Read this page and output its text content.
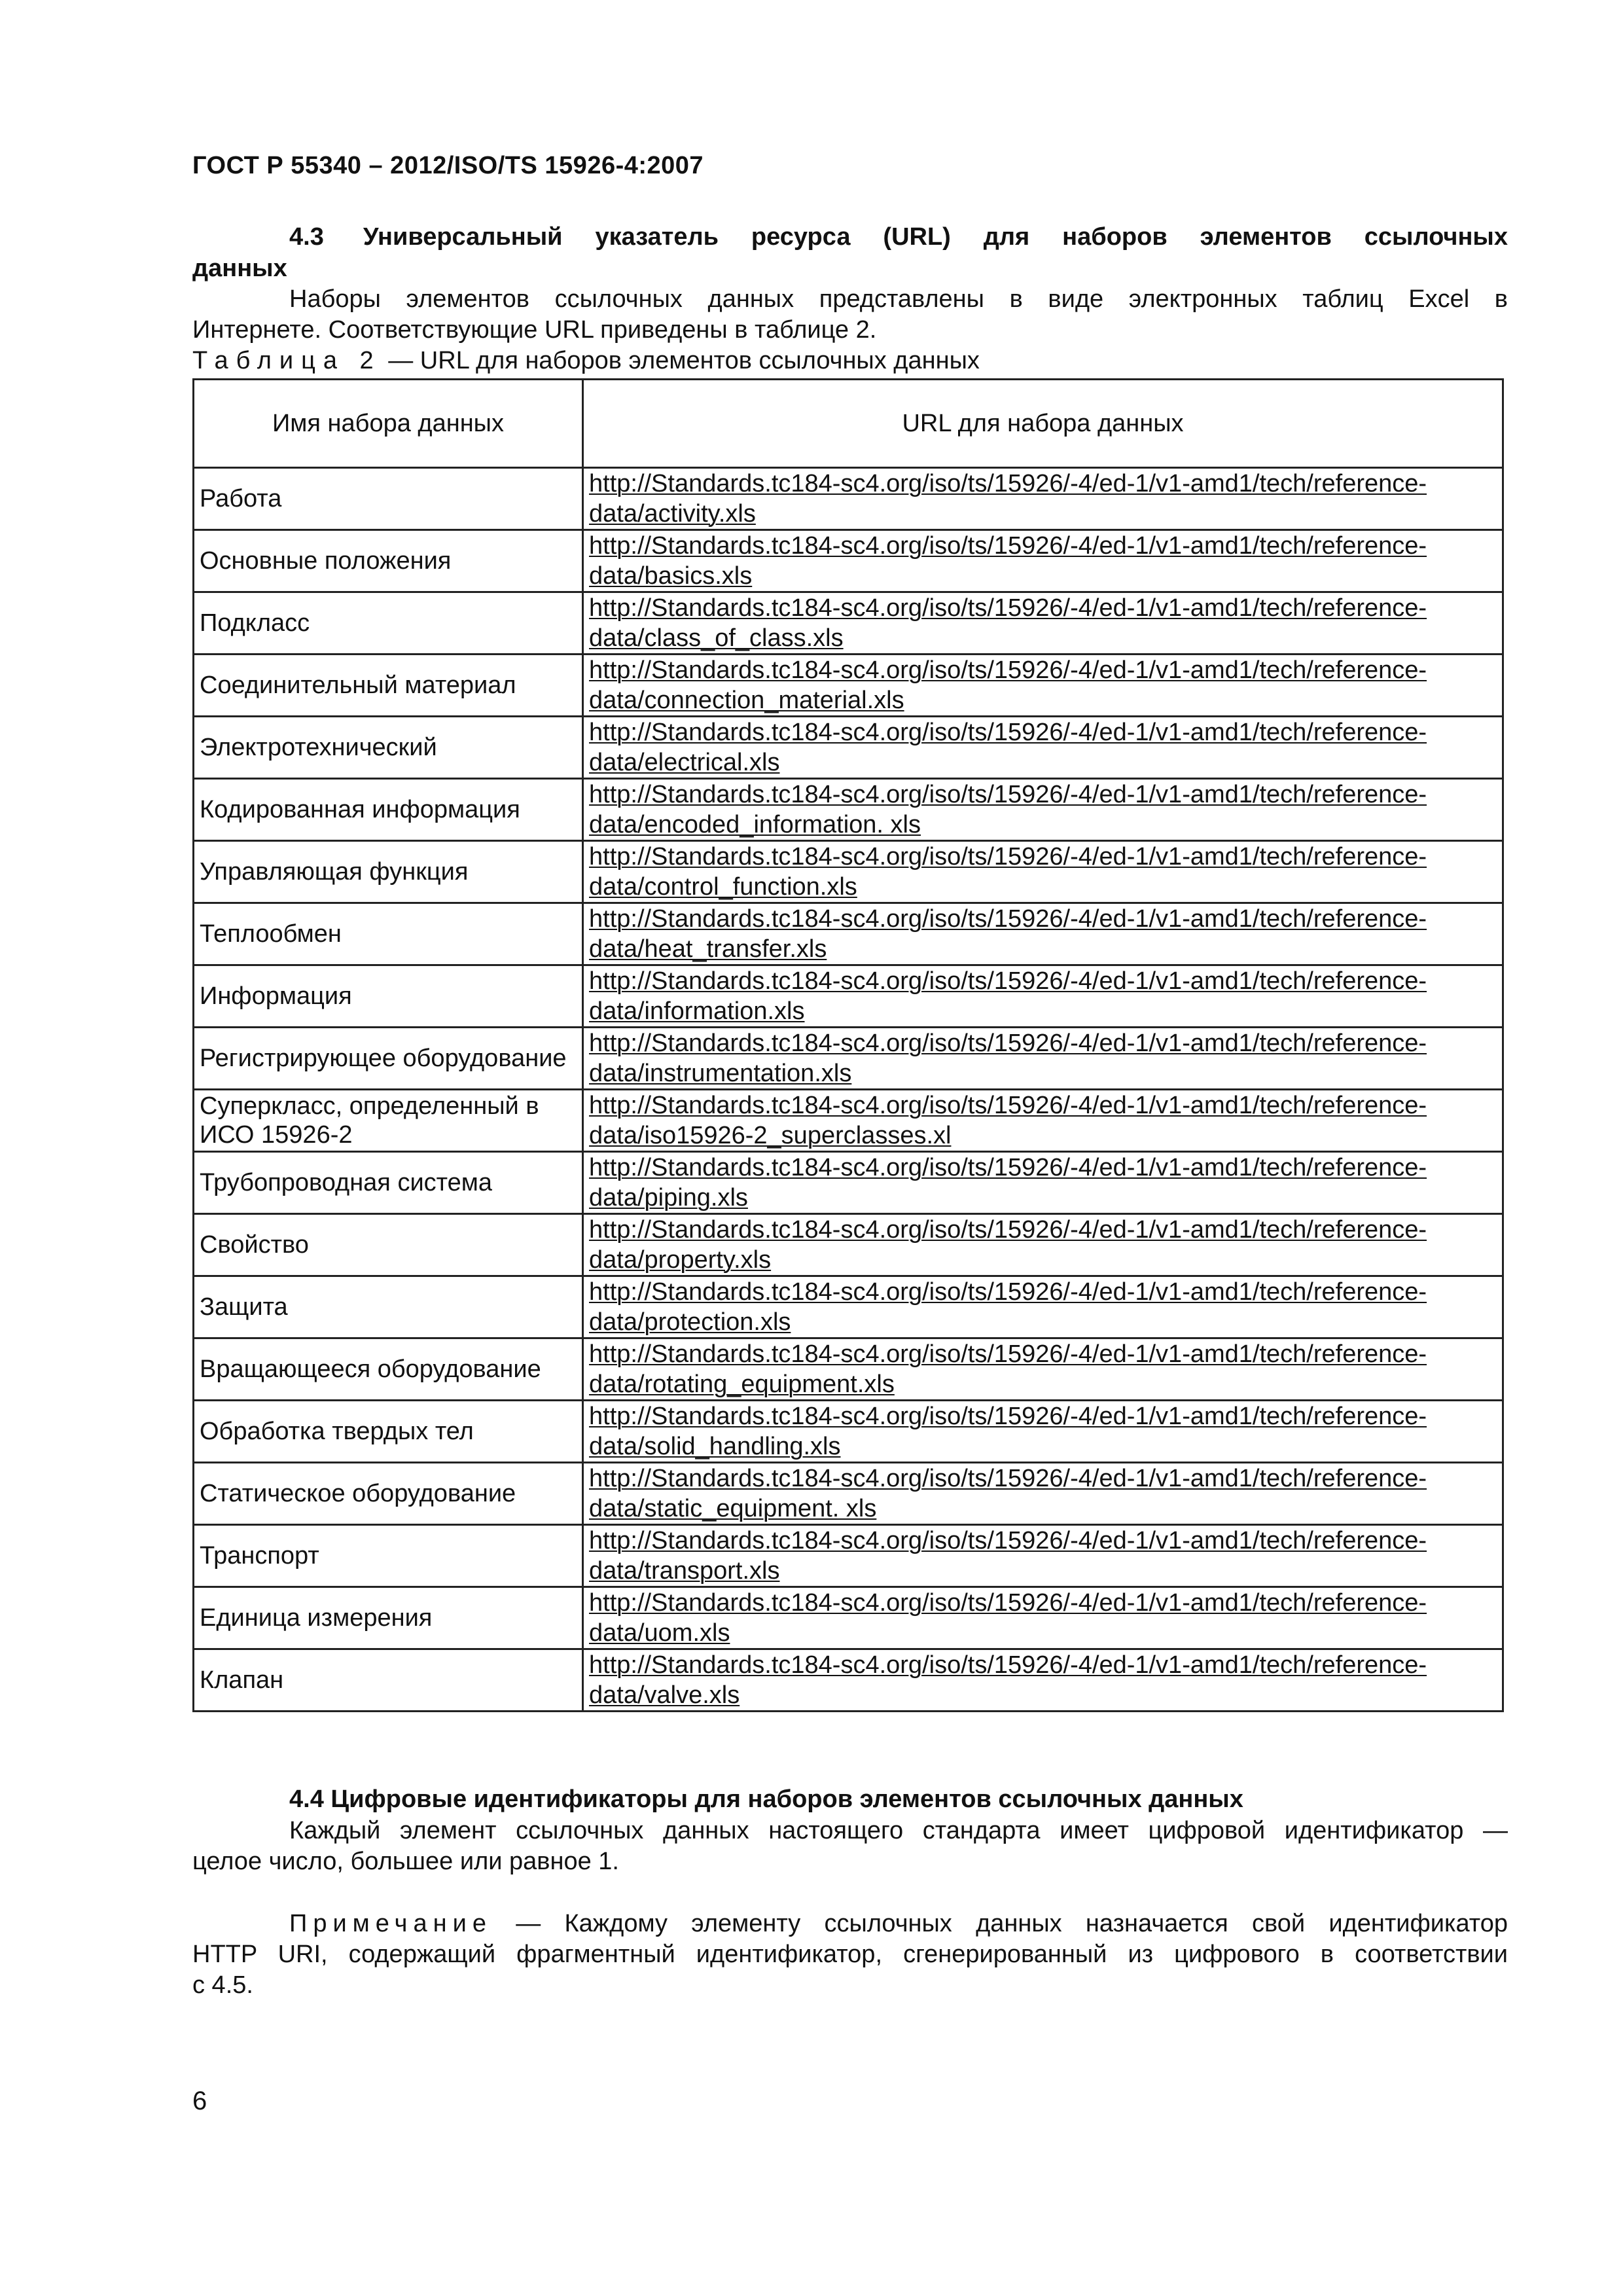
ГОСТ Р 55340 – 2012/ISO/TS 15926-4:2007
4.3 Универсальный указатель ресурса (URL) для наборов элементов ссылочных
данных
Наборы элементов ссылочных данных представлены в виде электронных таблиц Excel в
Интернете. Соответствующие URL приведены в таблице 2.
Таблица 2 — URL для наборов элементов ссылочных данных
Имя набора данных	URL для набора данных
Работа	http://Standards.tc184-sc4.org/iso/ts/15926/-4/ed-1/v1-amd1/tech/reference-
data/activity.xls

Основные положения	http://Standards.tc184-sc4.org/iso/ts/15926/-4/ed-1/v1-amd1/tech/reference-
data/basics.xls

Подкласс	http://Standards.tc184-sc4.org/iso/ts/15926/-4/ed-1/v1-amd1/tech/reference-
data/class_of_class.xls

Соединительный материал	http://Standards.tc184-sc4.org/iso/ts/15926/-4/ed-1/v1-amd1/tech/reference-
data/connection_material.xls

Электротехнический	http://Standards.tc184-sc4.org/iso/ts/15926/-4/ed-1/v1-amd1/tech/reference-
data/electrical.xls

Кодированная информация	http://Standards.tc184-sc4.org/iso/ts/15926/-4/ed-1/v1-amd1/tech/reference-
data/encoded_information. xls

Управляющая функция	http://Standards.tc184-sc4.org/iso/ts/15926/-4/ed-1/v1-amd1/tech/reference-
data/control_function.xls

Теплообмен	http://Standards.tc184-sc4.org/iso/ts/15926/-4/ed-1/v1-amd1/tech/reference-
data/heat_transfer.xls

Информация	http://Standards.tc184-sc4.org/iso/ts/15926/-4/ed-1/v1-amd1/tech/reference-
data/information.xls

Регистрирующее оборудование	http://Standards.tc184-sc4.org/iso/ts/15926/-4/ed-1/v1-amd1/tech/reference-
data/instrumentation.xls

Суперкласс, определенный в ИСО 15926-2	http://Standards.tc184-sc4.org/iso/ts/15926/-4/ed-1/v1-amd1/tech/reference-
data/iso15926-2_superclasses.xl

Трубопроводная система	http://Standards.tc184-sc4.org/iso/ts/15926/-4/ed-1/v1-amd1/tech/reference-
data/piping.xls

Свойство	http://Standards.tc184-sc4.org/iso/ts/15926/-4/ed-1/v1-amd1/tech/reference-
data/property.xls

Защита	http://Standards.tc184-sc4.org/iso/ts/15926/-4/ed-1/v1-amd1/tech/reference-
data/protection.xls

Вращающееся оборудование	http://Standards.tc184-sc4.org/iso/ts/15926/-4/ed-1/v1-amd1/tech/reference-
data/rotating_equipment.xls

Обработка твердых тел	http://Standards.tc184-sc4.org/iso/ts/15926/-4/ed-1/v1-amd1/tech/reference-
data/solid_handling.xls

Статическое оборудование	http://Standards.tc184-sc4.org/iso/ts/15926/-4/ed-1/v1-amd1/tech/reference-
data/static_equipment. xls

Транспорт	http://Standards.tc184-sc4.org/iso/ts/15926/-4/ed-1/v1-amd1/tech/reference-
data/transport.xls

Единица измерения	http://Standards.tc184-sc4.org/iso/ts/15926/-4/ed-1/v1-amd1/tech/reference-
data/uom.xls

Клапан	http://Standards.tc184-sc4.org/iso/ts/15926/-4/ed-1/v1-amd1/tech/reference-
data/valve.xls
4.4 Цифровые идентификаторы для наборов элементов ссылочных данных
Каждый элемент ссылочных данных настоящего стандарта имеет цифровой идентификатор —
целое число, большее или равное 1.
Примечание — Каждому элементу ссылочных данных назначается свой идентификатор
HTTP URI, содержащий фрагментный идентификатор, сгенерированный из цифрового в соответствии
с 4.5.
6
